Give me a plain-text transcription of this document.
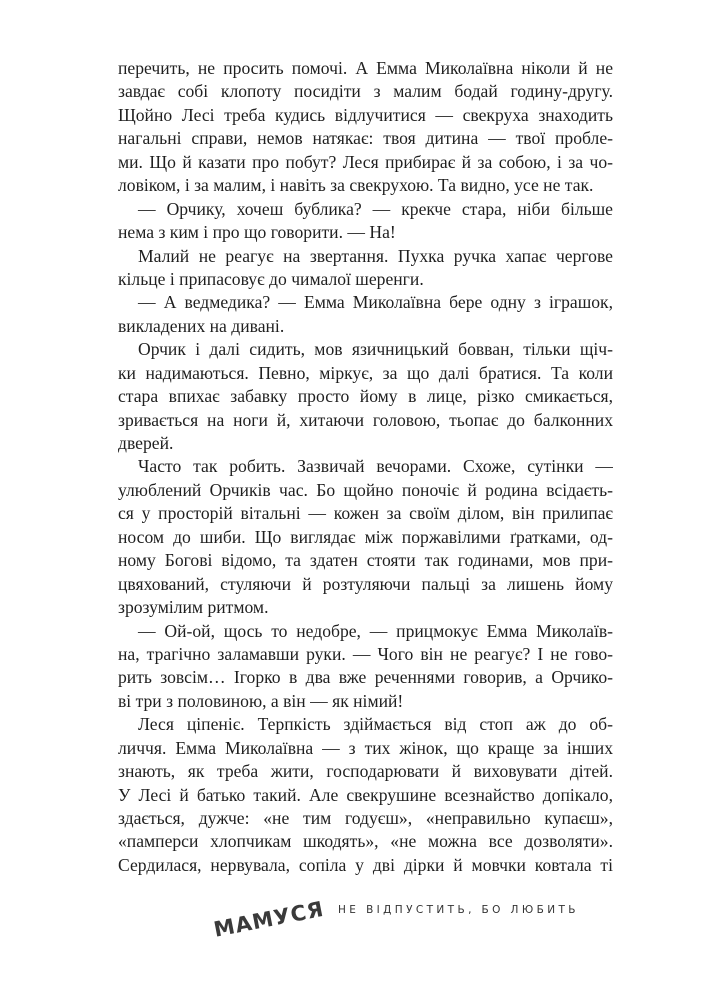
перечить, не просить помочі. А Емма Миколаївна ніколи й не
завдає собі клопоту посидіти з малим бодай годину-другу.
Щойно Лесі треба кудись відлучитися — свекруха знаходить
нагальні справи, немов натякає: твоя дитина — твої пробле-
ми. Що й казати про побут? Леся прибирає й за собою, і за чо-
ловіком, і за малим, і навіть за свекрухою. Та видно, усе не так.
— Орчику, хочеш бублика? — крекче стара, ніби більше
нема з ким і про що говорити. — На!
Малий не реагує на звертання. Пухка ручка хапає чергове
кільце і припасовує до чималої шеренги.
— А ведмедика? — Емма Миколаївна бере одну з іграшок,
викладених на дивані.
Орчик і далі сидить, мов язичницький бовван, тільки щіч-
ки надимаються. Певно, міркує, за що далі братися. Та коли
стара впихає забавку просто йому в лице, різко смикається,
зривається на ноги й, хитаючи головою, тьопає до балконних
дверей.
Часто так робить. Зазвичай вечорами. Схоже, сутінки —
улюблений Орчиків час. Бо щойно поночіє й родина всідаєть-
ся у просторій вітальні — кожен за своїм ділом, він прилипає
носом до шиби. Що виглядає між поржавілими ґратками, од-
ному Богові відомо, та здатен стояти так годинами, мов при-
цвяхований, стуляючи й розтуляючи пальці за лишень йому
зрозумілим ритмом.
— Ой-ой, щось то недобре, — прицмокує Емма Миколаїв-
на, трагічно заламавши руки. — Чого він не реагує? І не гово-
рить зовсім… Ігорко в два вже реченнями говорив, а Орчико-
ві три з половиною, а він — як німий!
Леся ціпеніє. Терпкість здіймається від стоп аж до об-
личчя. Емма Миколаївна — з тих жінок, що краще за інших
знають, як треба жити, господарювати й виховувати дітей.
У Лесі й батько такий. Але свекрушине всезнайство допікало,
здається, дужче: «не тим годуєш», «неправильно купаєш»,
«памперси хлопчикам шкодять», «не можна все дозволяти».
Сердилася, нервувала, сопіла у дві дірки й мовчки ковтала ті
МАМУСЯ НЕ ВІДПУСТИТЬ, БО ЛЮБИТЬ
